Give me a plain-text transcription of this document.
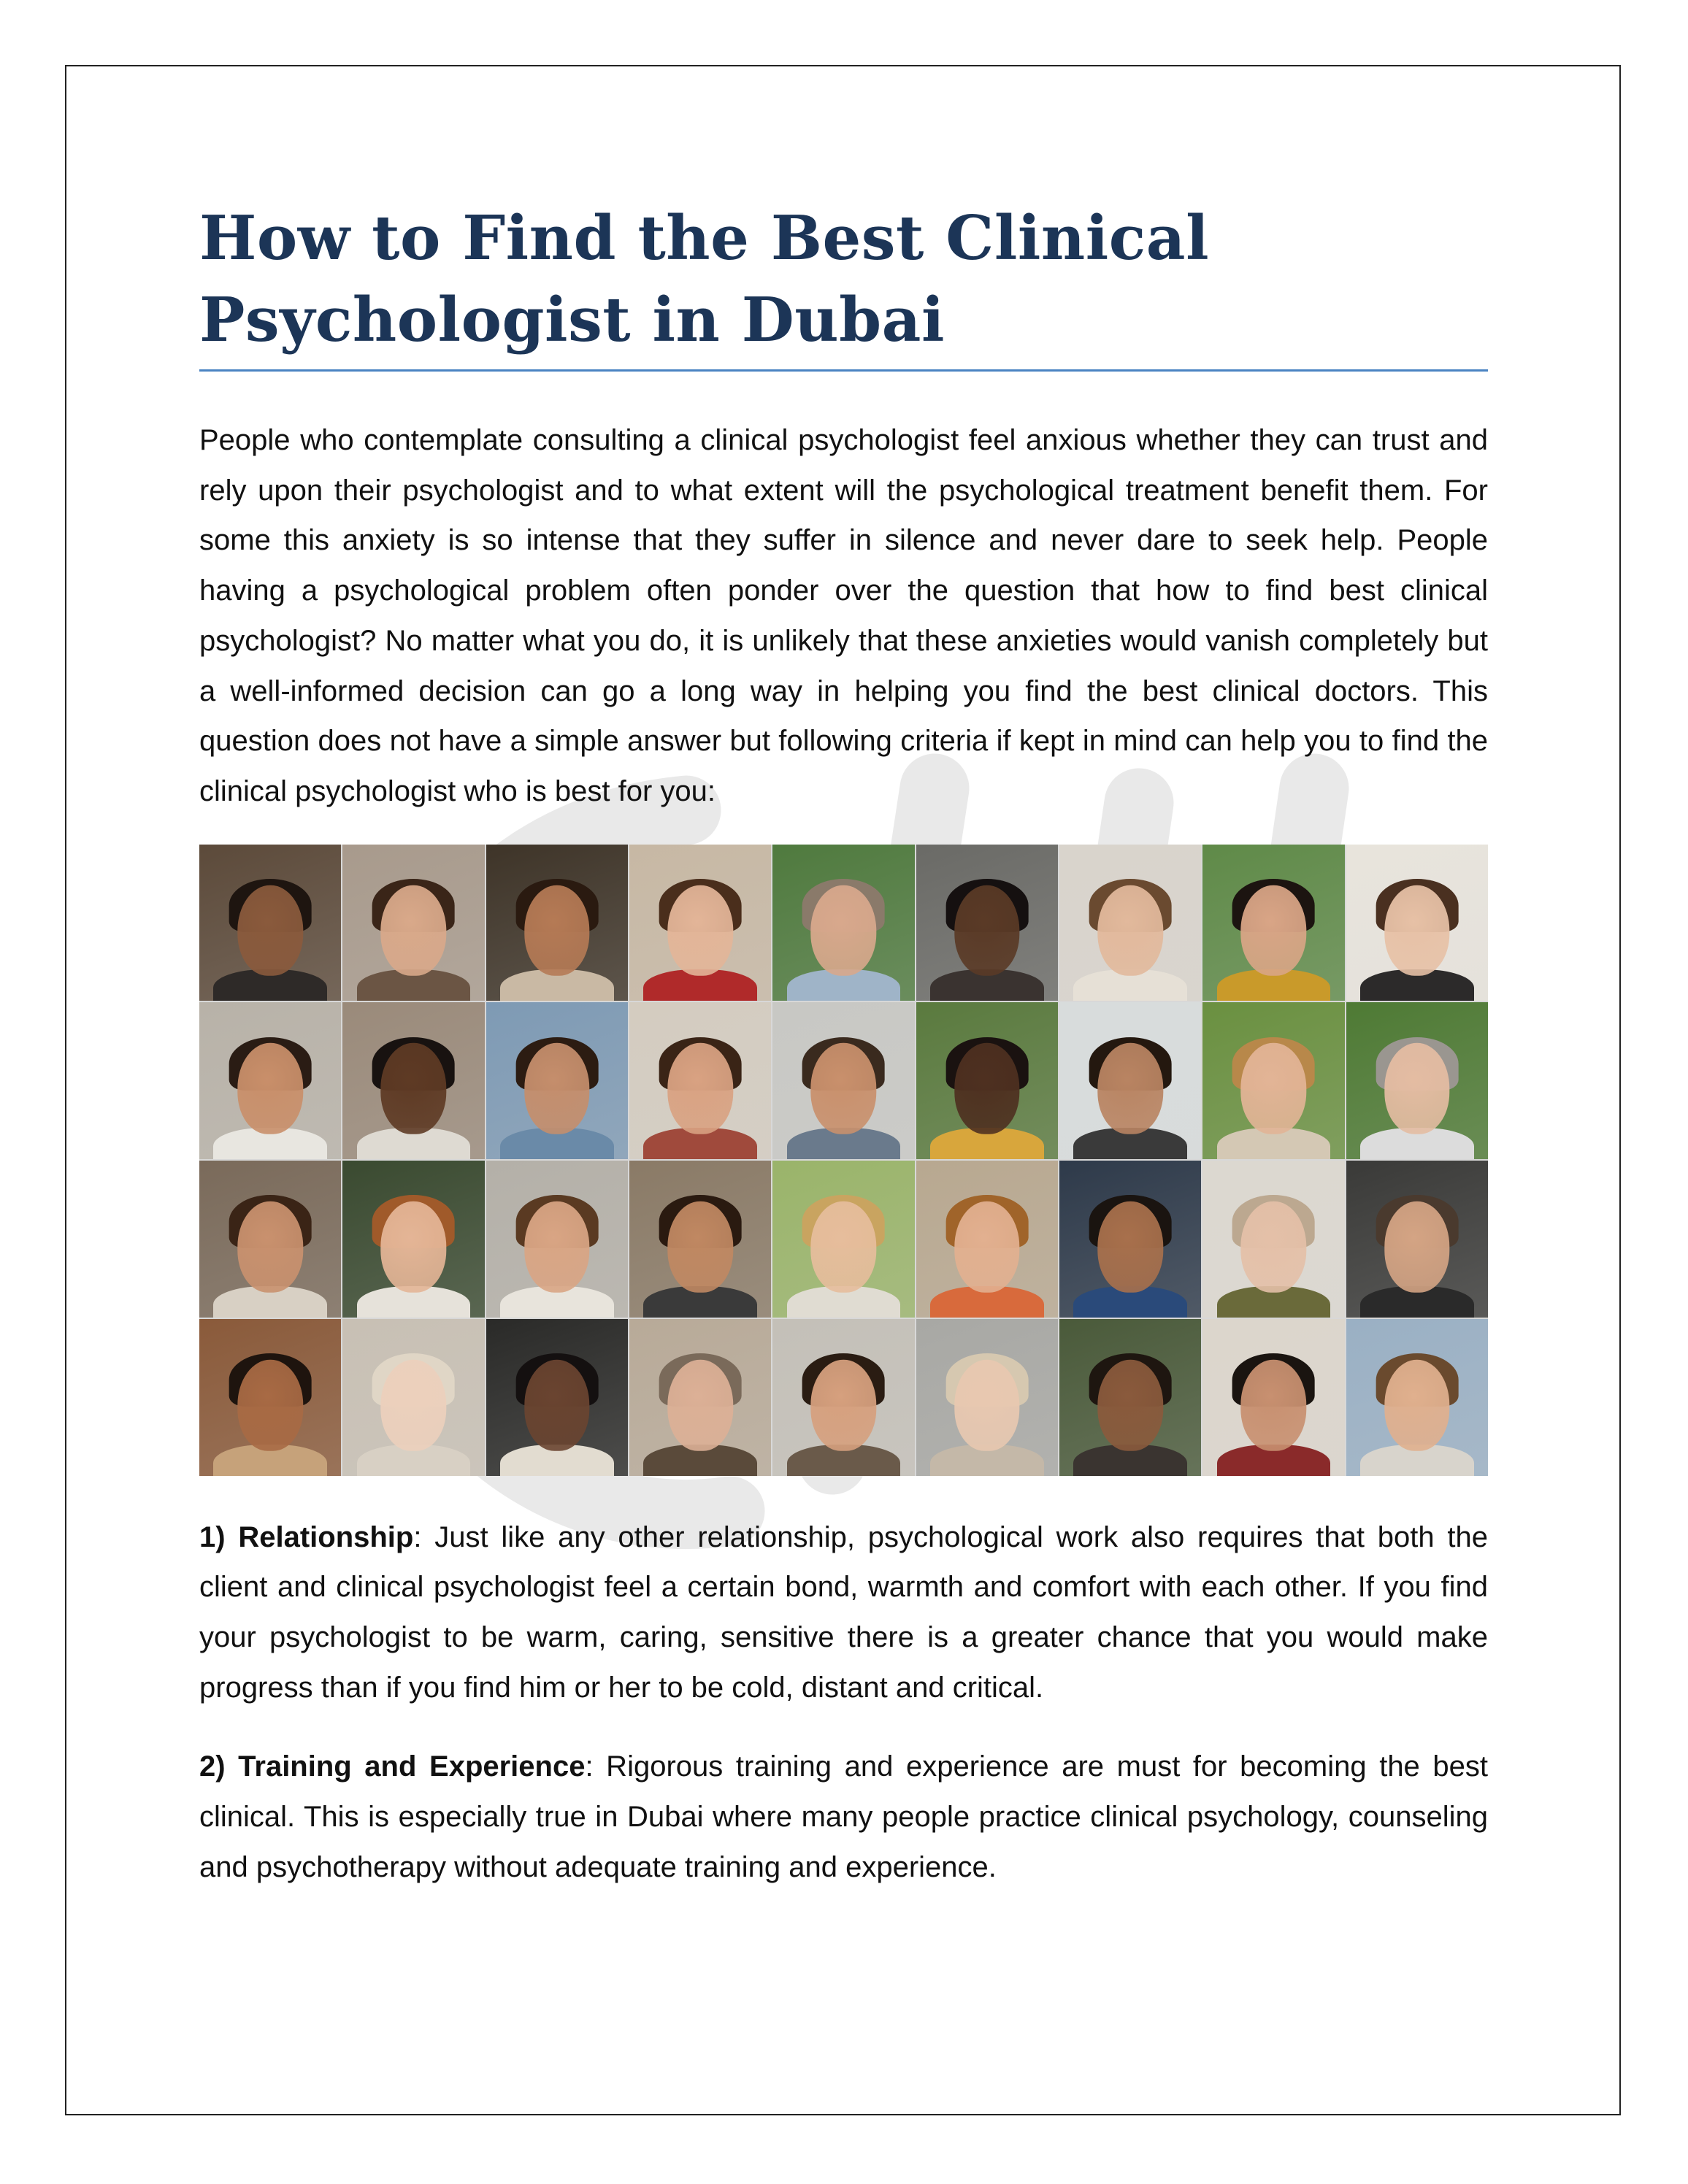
How to Find the Best Clinical Psychologist in Dubai

People who contemplate consulting a clinical psychologist feel anxious whether they can trust and rely upon their psychologist and to what extent will the psychological treatment benefit them. For some this anxiety is so intense that they suffer in silence and never dare to seek help. People having a psychological problem often ponder over the question that how to find best clinical psychologist? No matter what you do, it is unlikely that these anxieties would vanish completely but a well-informed decision can go a long way in helping you find the best clinical doctors. This question does not have a simple answer but following criteria if kept in mind can help you to find the clinical psychologist who is best for you:

1) Relationship: Just like any other relationship, psychological work also requires that both the client and clinical psychologist feel a certain bond, warmth and comfort with each other. If you find your psychologist to be warm, caring, sensitive there is a greater chance that you would make progress than if you find him or her to be cold, distant and critical.

2) Training and Experience: Rigorous training and experience are must for becoming the best clinical. This is especially true in Dubai where many people practice clinical psychology, counseling and psychotherapy without adequate training and experience.
